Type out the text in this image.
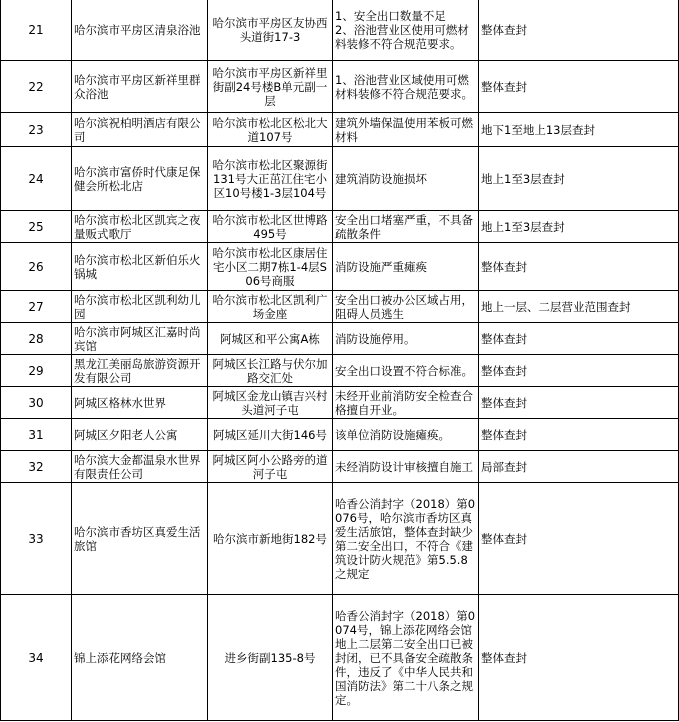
21	哈尔滨市平房区清泉浴池	哈尔滨市平房区友协西头道街17-3	1、安全出口数量不足
2、浴池营业区使用可燃材料装修不符合规范要求。	整体查封
22	哈尔滨市平房区新祥里群众浴池	哈尔滨市平房区新祥里街副24号楼B单元副一层	1、浴池营业区域使用可燃材料装修不符合规范要求。	整体查封
23	哈尔滨祝柏明酒店有限公司	哈尔滨市松北区松北大道107号	建筑外墙保温使用苯板可燃材料	地下1至地上13层查封
24	哈尔滨市富侨时代康足保健会所松北店	哈尔滨市松北区聚源街131号大正茁江住宅小区10号楼1-3层104号	建筑消防设施损坏	地上1至3层查封
25	哈尔滨市松北区凯宾之夜量贩式歌厅	哈尔滨市松北区世博路495号	安全出口堵塞严重，不具备疏散条件	地上1至3层查封
26	哈尔滨市松北区新伯乐火锅城	哈尔滨市松北区康居住宅小区二期7栋1-4层S06号商服	消防设施严重瘫痪	整体查封
27	哈尔滨市松北区凯利幼儿园	哈尔滨市松北区凯利广场金座	安全出口被办公区域占用，阻碍人员逃生	地上一层、二层营业范围查封
28	哈尔滨市阿城区汇嘉时尚宾馆	阿城区和平公寓A栋	消防设施停用。	整体查封
29	黑龙江美丽岛旅游资源开发有限公司	阿城区长江路与伏尔加路交汇处	安全出口设置不符合标准。	整体查封
30	阿城区格林水世界	阿城区金龙山镇吉兴村头道河子屯	未经开业前消防安全检查合格擅自开业。	整体查封
31	阿城区夕阳老人公寓	阿城区延川大街146号	该单位消防设施瘫痪。	整体查封
32	哈尔滨大金都温泉水世界有限责任公司	阿城区阿小公路旁的道河子屯	未经消防设计审核擅自施工	局部查封
33	哈尔滨市香坊区真爱生活旅馆	哈尔滨市新地街182号	哈香公消封字（2018）第0076号，哈尔滨市香坊区真爱生活旅馆，整体查封缺少第二安全出口，不符合《建筑设计防火规范》第5.5.8之规定	整体查封
34	锦上添花网络会馆	进乡街副135-8号	哈香公消封字（2018）第0074号，锦上添花网络会馆地上二层第二安全出口已被封闭，已不具备安全疏散条件，违反了《中华人民共和国消防法》第二十八条之规定。	整体查封
